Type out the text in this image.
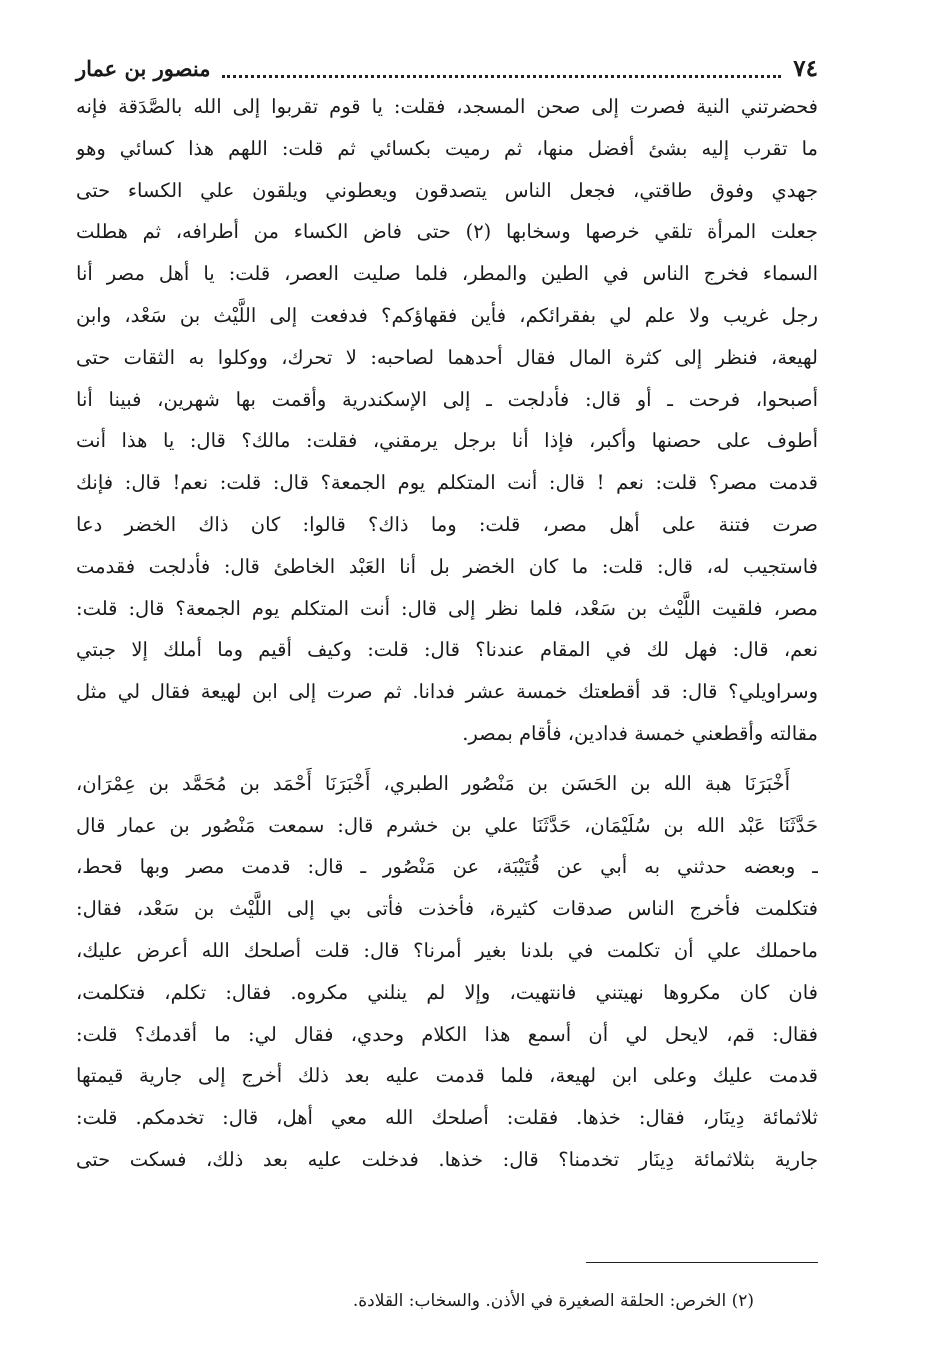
٧٤
منصور بن عمار
فحضرتني النية فصرت إلى صحن المسجد، فقلت: يا قوم تقربوا إلى الله بالصَّدَقة فإنه
ما تقرب إليه بشئ أفضل منها، ثم رميت بكسائي ثم قلت: اللهم هذا كسائي وهو
جهدي وفوق طاقتي، فجعل الناس يتصدقون ويعطوني ويلقون علي الكساء حتى
جعلت المرأة تلقي خرصها وسخابها (٢) حتى فاض الكساء من أطرافه، ثم هطلت
السماء فخرج الناس في الطين والمطر، فلما صليت العصر، قلت: يا أهل مصر أنا
رجل غريب ولا علم لي بفقرائكم، فأين فقهاؤكم؟ فدفعت إلى اللَّيْث بن سَعْد، وابن
لهيعة، فنظر إلى كثرة المال فقال أحدهما لصاحبه: لا تحرك، ووكلوا به الثقات حتى
أصبحوا، فرحت ـ أو قال: فأدلجت ـ إلى الإسكندرية وأقمت بها شهرين، فبينا أنا
أطوف على حصنها وأكبر، فإذا أنا برجل يرمقني، فقلت: مالك؟ قال: يا هذا أنت
قدمت مصر؟ قلت: نعم ! قال: أنت المتكلم يوم الجمعة؟ قال: قلت: نعم! قال: فإنك
صرت فتنة على أهل مصر، قلت: وما ذاك؟ قالوا: كان ذاك الخضر دعا
فاستجيب له، قال: قلت: ما كان الخضر بل أنا العَبْد الخاطئ قال: فأدلجت فقدمت
مصر، فلقيت اللَّيْث بن سَعْد، فلما نظر إلى قال: أنت المتكلم يوم الجمعة؟ قال: قلت:
نعم، قال: فهل لك في المقام عندنا؟ قال: قلت: وكيف أقيم وما أملك إلا جبتي
وسراويلي؟ قال: قد أقطعتك خمسة عشر فدانا. ثم صرت إلى ابن لهيعة فقال لي مثل
مقالته وأقطعني خمسة فدادين، فأقام بمصر.
أَخْبَرَنَا هبة الله بن الحَسَن بن مَنْصُور الطبري، أَخْبَرَنَا أَحْمَد بن مُحَمَّد بن عِمْرَان،
حَدَّثَنَا عَبْد الله بن سُلَيْمَان، حَدَّثَنَا علي بن خشرم قال: سمعت مَنْصُور بن عمار قال
ـ وبعضه حدثني به أبي عن قُتَيْبَة، عن مَنْصُور ـ قال: قدمت مصر وبها قحط،
فتكلمت فأخرج الناس صدقات كثيرة، فأخذت فأتى بي إلى اللَّيْث بن سَعْد، فقال:
ماحملك علي أن تكلمت في بلدنا بغير أمرنا؟ قال: قلت أصلحك الله أعرض عليك،
فان كان مكروها نهيتني فانتهيت، وإلا لم ينلني مكروه. فقال: تكلم، فتكلمت،
فقال: قم، لايحل لي أن أسمع هذا الكلام وحدي، فقال لي: ما أقدمك؟ قلت:
قدمت عليك وعلى ابن لهيعة، فلما قدمت عليه بعد ذلك أخرج إلى جارية قيمتها
ثلاثمائة دِينَار، فقال: خذها. فقلت: أصلحك الله معي أهل، قال: تخدمكم. قلت:
جارية بثلاثمائة دِينَار تخدمنا؟ قال: خذها. فدخلت عليه بعد ذلك، فسكت حتى
(٢) الخرص: الحلقة الصغيرة في الأذن. والسخاب: القلادة.
